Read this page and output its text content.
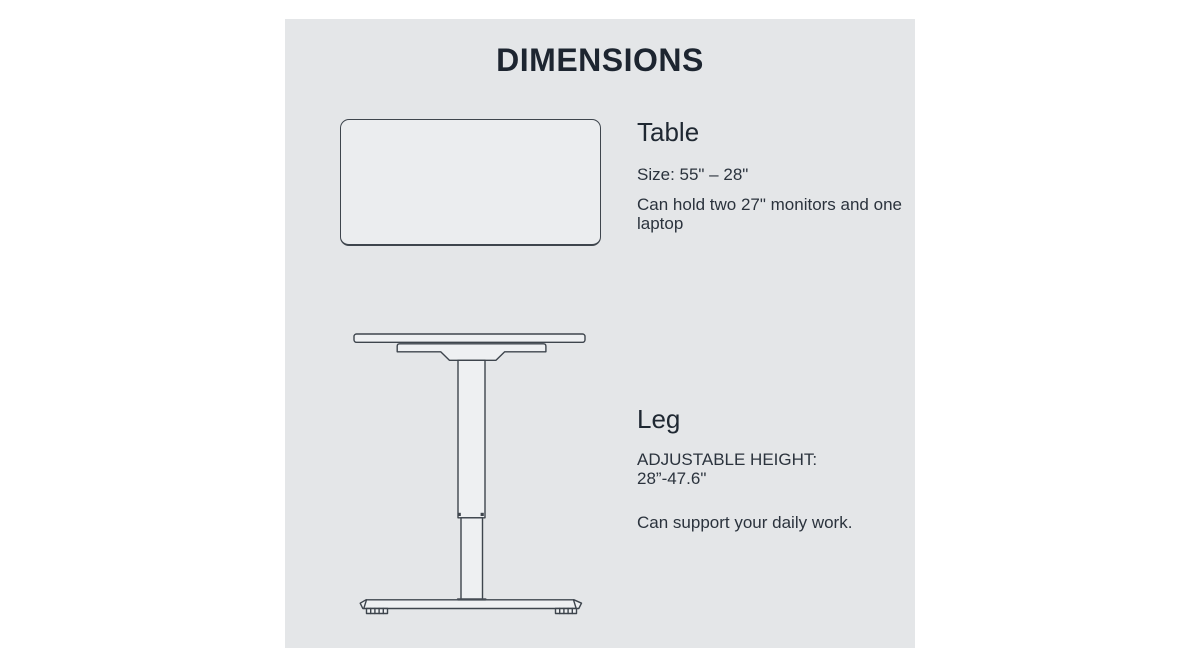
DIMENSIONS
Table
Size: 55" – 28"
Can hold two 27" monitors and one laptop
Leg
ADJUSTABLE HEIGHT:
28”-47.6"
Can support your daily work.
